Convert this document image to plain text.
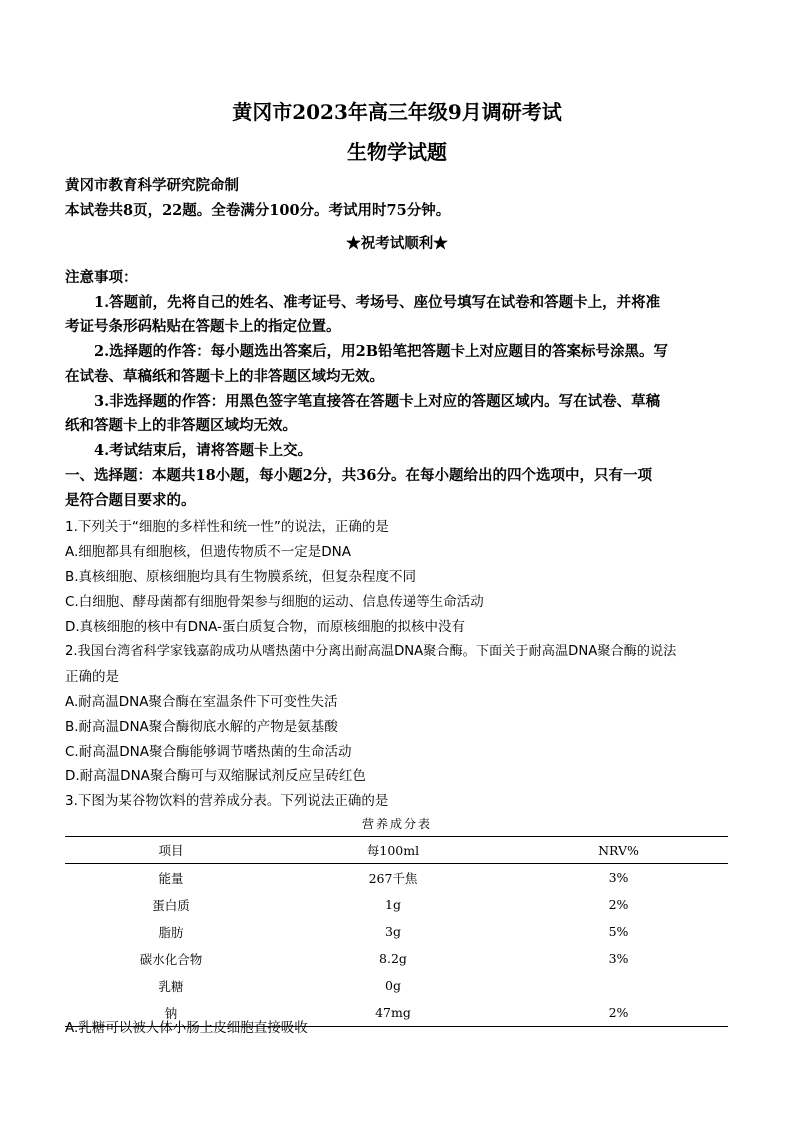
黄冈市2023年高三年级9月调研考试
生物学试题
黄冈市教育科学研究院命制
本试卷共8页，22题。全卷满分100分。考试用时75分钟。
★祝考试顺利★
注意事项：
1.答题前，先将自己的姓名、准考证号、考场号、座位号填写在试卷和答题卡上，并将准
考证号条形码粘贴在答题卡上的指定位置。
2.选择题的作答：每小题选出答案后，用2B铅笔把答题卡上对应题目的答案标号涂黑。写
在试卷、草稿纸和答题卡上的非答题区域均无效。
3.非选择题的作答：用黑色签字笔直接答在答题卡上对应的答题区域内。写在试卷、草稿
纸和答题卡上的非答题区域均无效。
4.考试结束后，请将答题卡上交。
一、选择题：本题共18小题，每小题2分，共36分。在每小题给出的四个选项中，只有一项
是符合题目要求的。
1.下列关于“细胞的多样性和统一性”的说法，正确的是
A.细胞都具有细胞核，但遗传物质不一定是DNA
B.真核细胞、原核细胞均具有生物膜系统，但复杂程度不同
C.白细胞、酵母菌都有细胞骨架参与细胞的运动、信息传递等生命活动
D.真核细胞的核中有DNA-蛋白质复合物，而原核细胞的拟核中没有
2.我国台湾省科学家钱嘉韵成功从嗜热菌中分离出耐高温DNA聚合酶。下面关于耐高温DNA聚合酶的说法
正确的是
A.耐高温DNA聚合酶在室温条件下可变性失活
B.耐高温DNA聚合酶彻底水解的产物是氨基酸
C.耐高温DNA聚合酶能够调节嗜热菌的生命活动
D.耐高温DNA聚合酶可与双缩脲试剂反应呈砖红色
3.下图为某谷物饮料的营养成分表。下列说法正确的是
营养成分表
项目	每100ml	NRV%
能量	267千焦	3%
蛋白质	1g	2%
脂肪	3g	5%
碳水化合物	8.2g	3%
乳糖	0g	
钠	47mg	2%
A.乳糖可以被人体小肠上皮细胞直接吸收
